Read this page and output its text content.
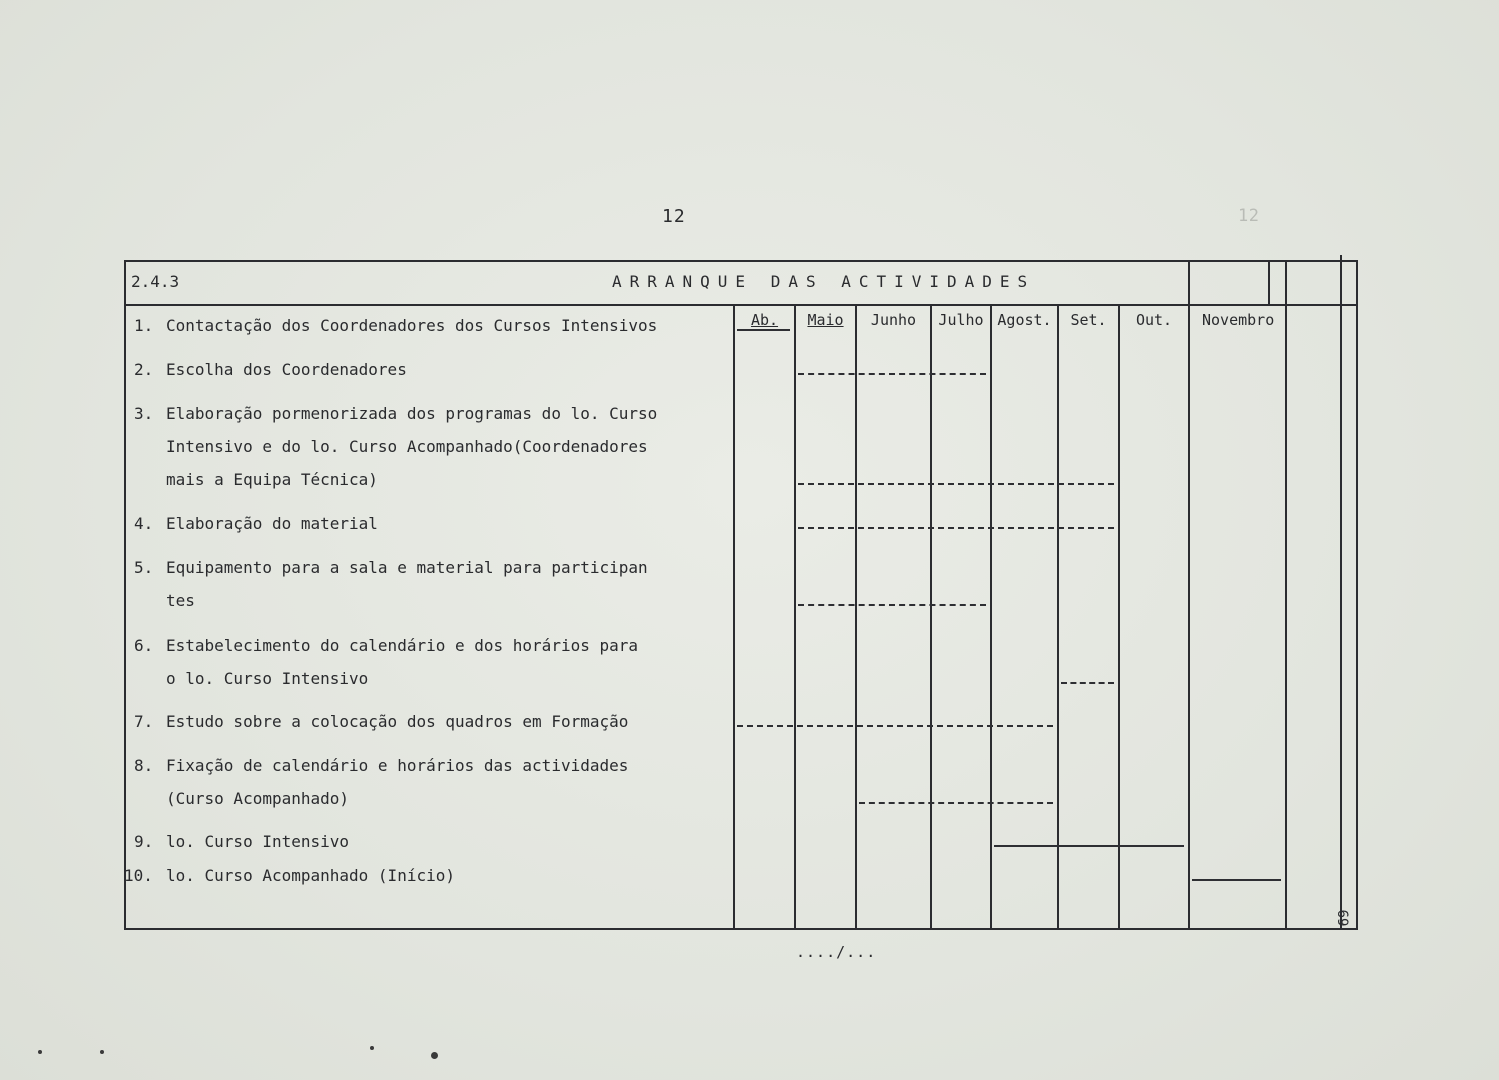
12
12
2.4.3	ARRANQUE DAS ACTIVIDADES
Ab.	Maio	Junho	Julho Agost.	Set.	Out.	Novembro
1. Contactação dos Coordenadores dos Cursos Intensivos
2. Escolha dos Coordenadores
3. Elaboração pormenorizada dos programas do lo. Curso
Intensivo e do lo. Curso Acompanhado(Coordenadores
mais a Equipa Técnica)
4. Elaboração do material
5. Equipamento para a sala e material para participan
tes
6. Estabelecimento do calendário e dos horários para
o lo. Curso Intensivo
7. Estudo sobre a colocação dos quadros em Formação
8. Fixação de calendário e horários das actividades
(Curso Acompanhado)
9. lo. Curso Intensivo
10. lo. Curso Acompanhado (Início)
..../...
69
